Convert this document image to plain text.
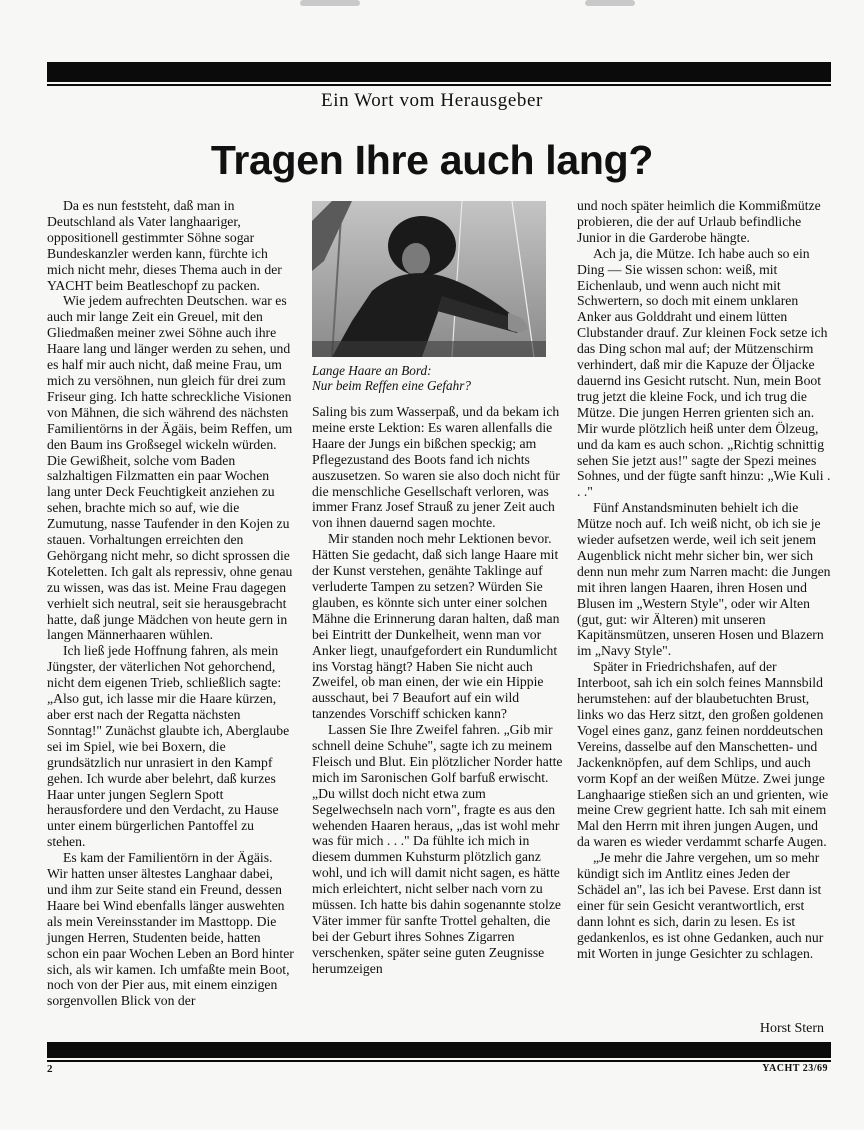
Ein Wort vom Herausgeber
Tragen Ihre auch lang?

Da es nun feststeht, daß man in Deutschland als Vater langhaariger, oppositionell gestimmter Söhne sogar Bundeskanzler werden kann, fürchte ich mich nicht mehr, dieses Thema auch in der YACHT beim Beatleschopf zu packen.

Wie jedem aufrechten Deutschen. war es auch mir lange Zeit ein Greuel, mit den Gliedmaßen meiner zwei Söhne auch ihre Haare lang und länger werden zu sehen, und es half mir auch nicht, daß meine Frau, um mich zu versöhnen, nun gleich für drei zum Friseur ging. Ich hatte schreckliche Visionen von Mähnen, die sich während des nächsten Familientörns in der Ägäis, beim Reffen, um den Baum ins Großsegel wickeln würden. Die Gewißheit, solche vom Baden salzhaltigen Filzmatten ein paar Wochen lang unter Deck Feuchtigkeit anziehen zu sehen, brachte mich so auf, wie die Zumutung, nasse Taufender in den Kojen zu stauen. Vorhaltungen erreichten den Gehörgang nicht mehr, so dicht sprossen die Koteletten. Ich galt als repressiv, ohne genau zu wissen, was das ist. Meine Frau dagegen verhielt sich neutral, seit sie herausgebracht hatte, daß junge Mädchen von heute gern in langen Männerhaaren wühlen.

Ich ließ jede Hoffnung fahren, als mein Jüngster, der väterlichen Not gehorchend, nicht dem eigenen Trieb, schließlich sagte: „Also gut, ich lasse mir die Haare kürzen, aber erst nach der Regatta nächsten Sonntag!" Zunächst glaubte ich, Aberglaube sei im Spiel, wie bei Boxern, die grundsätzlich nur unrasiert in den Kampf gehen. Ich wurde aber belehrt, daß kurzes Haar unter jungen Seglern Spott herausfordere und den Verdacht, zu Hause unter einem bürgerlichen Pantoffel zu stehen.

Es kam der Familientörn in der Ägäis. Wir hatten unser ältestes Langhaar dabei, und ihm zur Seite stand ein Freund, dessen Haare bei Wind ebenfalls länger auswehten als mein Vereinsstander im Masttopp. Die jungen Herren, Studenten beide, hatten schon ein paar Wochen Leben an Bord hinter sich, als wir kamen. Ich umfaßte mein Boot, noch von der Pier aus, mit einem einzigen sorgenvollen Blick von der

Lange Haare an Bord:
Nur beim Reffen eine Gefahr?

Saling bis zum Wasserpaß, und da bekam ich meine erste Lektion: Es waren allenfalls die Haare der Jungs ein bißchen speckig; am Pflegezustand des Boots fand ich nichts auszusetzen. So waren sie also doch nicht für die menschliche Gesellschaft verloren, was immer Franz Josef Strauß zu jener Zeit auch von ihnen dauernd sagen mochte.

Mir standen noch mehr Lektionen bevor. Hätten Sie gedacht, daß sich lange Haare mit der Kunst verstehen, genähte Taklinge auf verluderte Tampen zu setzen? Würden Sie glauben, es könnte sich unter einer solchen Mähne die Erinnerung daran halten, daß man bei Eintritt der Dunkelheit, wenn man vor Anker liegt, unaufgefordert ein Rundumlicht ins Vorstag hängt? Haben Sie nicht auch Zweifel, ob man einen, der wie ein Hippie ausschaut, bei 7 Beaufort auf ein wild tanzendes Vorschiff schicken kann?

Lassen Sie Ihre Zweifel fahren. „Gib mir schnell deine Schuhe", sagte ich zu meinem Fleisch und Blut. Ein plötzlicher Norder hatte mich im Saronischen Golf barfuß erwischt. „Du willst doch nicht etwa zum Segelwechseln nach vorn", fragte es aus den wehenden Haaren heraus, „das ist wohl mehr was für mich . . ." Da fühlte ich mich in diesem dummen Kuhsturm plötzlich ganz wohl, und ich will damit nicht sagen, es hätte mich erleichtert, nicht selber nach vorn zu müssen. Ich hatte bis dahin sogenannte stolze Väter immer für sanfte Trottel gehalten, die bei der Geburt ihres Sohnes Zigarren verschenken, später seine guten Zeugnisse herumzeigen

und noch später heimlich die Kommißmütze probieren, die der auf Urlaub befindliche Junior in die Garderobe hängte.

Ach ja, die Mütze. Ich habe auch so ein Ding — Sie wissen schon: weiß, mit Eichenlaub, und wenn auch nicht mit Schwertern, so doch mit einem unklaren Anker aus Golddraht und einem lütten Clubstander drauf. Zur kleinen Fock setze ich das Ding schon mal auf; der Mützenschirm verhindert, daß mir die Kapuze der Öljacke dauernd ins Gesicht rutscht. Nun, mein Boot trug jetzt die kleine Fock, und ich trug die Mütze. Die jungen Herren grienten sich an. Mir wurde plötzlich heiß unter dem Ölzeug, und da kam es auch schon. „Richtig schnittig sehen Sie jetzt aus!" sagte der Spezi meines Sohnes, und der fügte sanft hinzu: „Wie Kuli . . ."

Fünf Anstandsminuten behielt ich die Mütze noch auf. Ich weiß nicht, ob ich sie je wieder aufsetzen werde, weil ich seit jenem Augenblick nicht mehr sicher bin, wer sich denn nun mehr zum Narren macht: die Jungen mit ihren langen Haaren, ihren Hosen und Blusen im „Western Style", oder wir Alten (gut, gut: wir Älteren) mit unseren Kapitänsmützen, unseren Hosen und Blazern im „Navy Style".

Später in Friedrichshafen, auf der Interboot, sah ich ein solch feines Mannsbild herumstehen: auf der blaubetuchten Brust, links wo das Herz sitzt, den großen goldenen Vogel eines ganz, ganz feinen norddeutschen Vereins, dasselbe auf den Manschetten- und Jackenknöpfen, auf dem Schlips, und auch vorm Kopf an der weißen Mütze. Zwei junge Langhaarige stießen sich an und grienten, wie meine Crew gegrient hatte. Ich sah mit einem Mal den Herrn mit ihren jungen Augen, und da waren es wieder verdammt scharfe Augen.

„Je mehr die Jahre vergehen, um so mehr kündigt sich im Antlitz eines Jeden der Schädel an", las ich bei Pavese. Erst dann ist einer für sein Gesicht verantwortlich, erst dann lohnt es sich, darin zu lesen. Es ist gedankenlos, es ist ohne Gedanken, auch nur mit Worten in junge Gesichter zu schlagen.

Horst Stern
2	YACHT 23/69
